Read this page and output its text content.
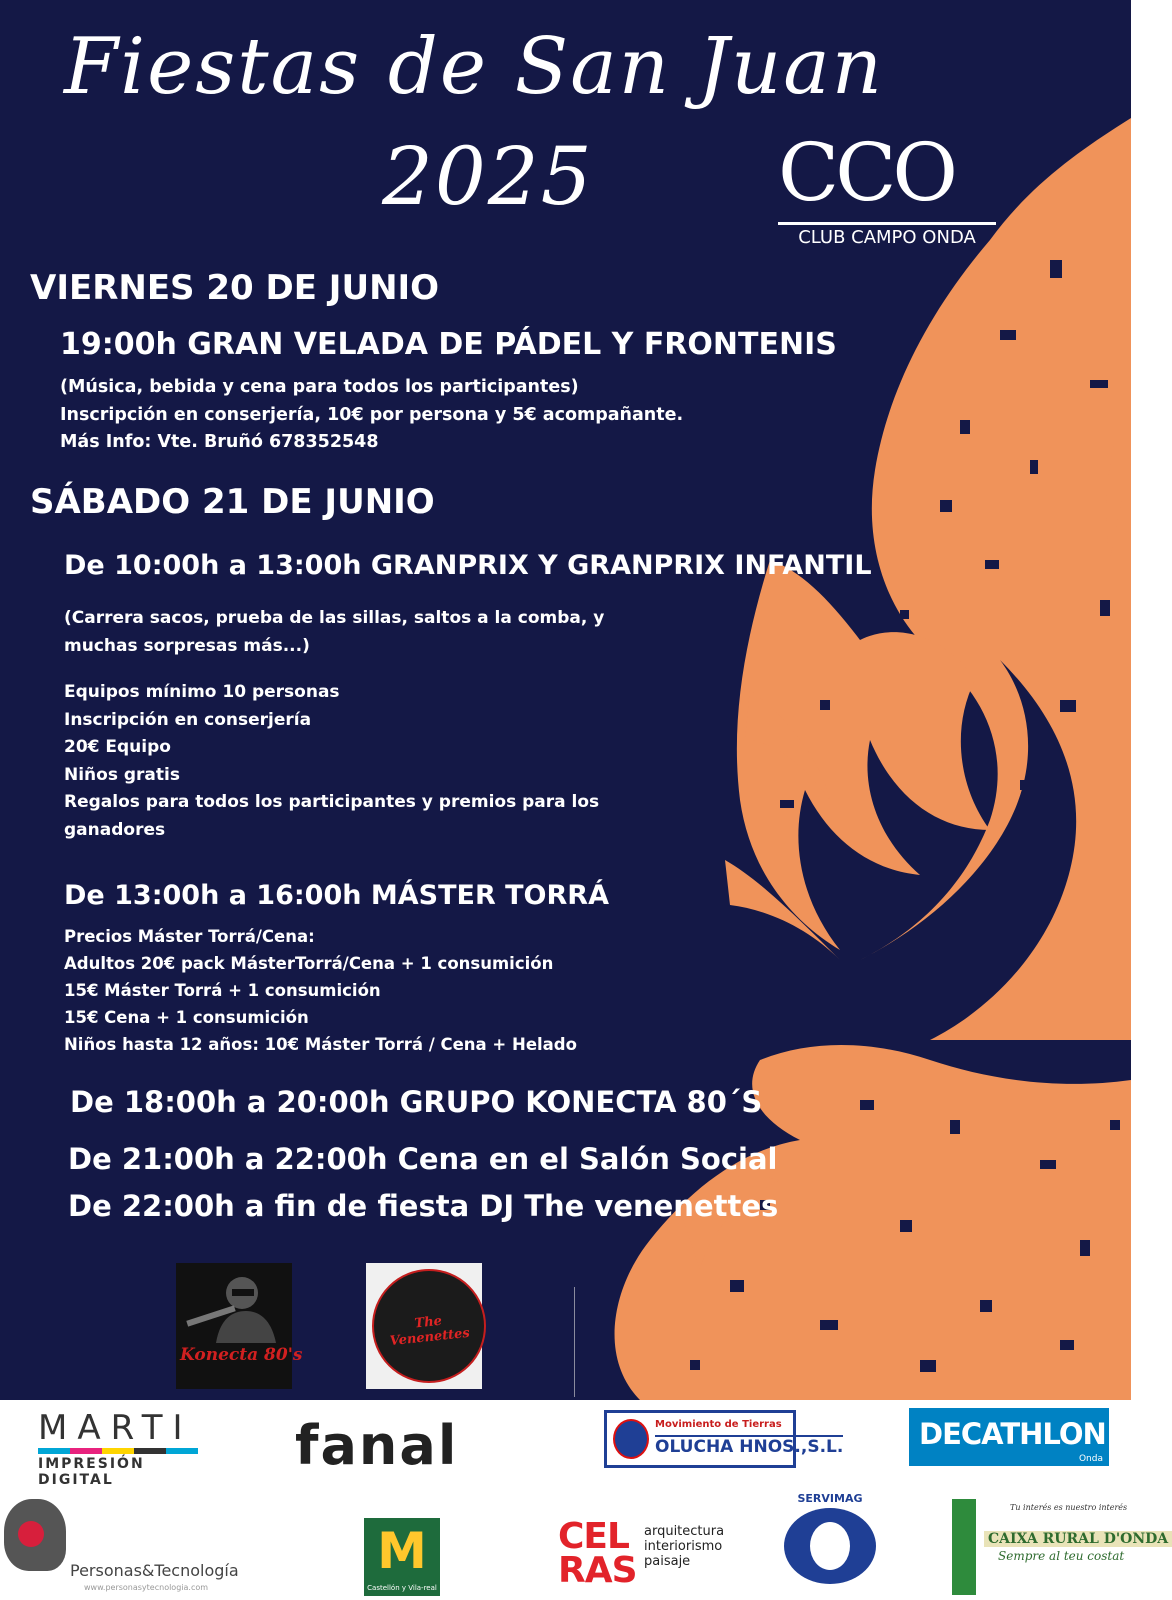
Fiestas de San Juan
2025 CCO
CLUB CAMPO ONDA
VIERNES 20 DE JUNIO
19:00h GRAN VELADA DE PÁDEL Y FRONTENIS
(Música, bebida y cena para todos los participantes)
Inscripción en conserjería, 10€ por persona y 5€ acompañante.
Más Info: Vte. Bruñó 678352548
SÁBADO 21 DE JUNIO
De 10:00h a 13:00h GRANPRIX Y GRANPRIX INFANTIL
(Carrera sacos, prueba de las sillas, saltos a la comba, y
muchas sorpresas más...)
Equipos mínimo 10 personas
Inscripción en conserjería
20€ Equipo
Niños gratis
Regalos para todos los participantes y premios para los
ganadores
De 13:00h a 16:00h MÁSTER TORRÁ
Precios Máster Torrá/Cena:
Adultos 20€ pack MásterTorrá/Cena + 1 consumición
15€ Máster Torrá + 1 consumición
15€ Cena + 1 consumición
Niños hasta 12 años: 10€ Máster Torrá / Cena + Helado
De 18:00h a 20:00h GRUPO KONECTA 80´S
De 21:00h a 22:00h Cena en el Salón Social
De 22:00h a fin de fiesta DJ The venenettes
Konecta 80's
The Venenettes
MARTI
IMPRESIÓN DIGITAL
fanal	Movimiento de Tierras
OLUCHA HNOS.,S.L.	DECATHLON
Onda
Personas&Tecnología
www.personasytecnologia.com
M
Castellón y Vila-real
CEL
RAS
arquitectura
interiorismo
paisaje
SERVIMAG
Tu interés es nuestro interés
CAIXA RURAL D'ONDA
Sempre al teu costat
